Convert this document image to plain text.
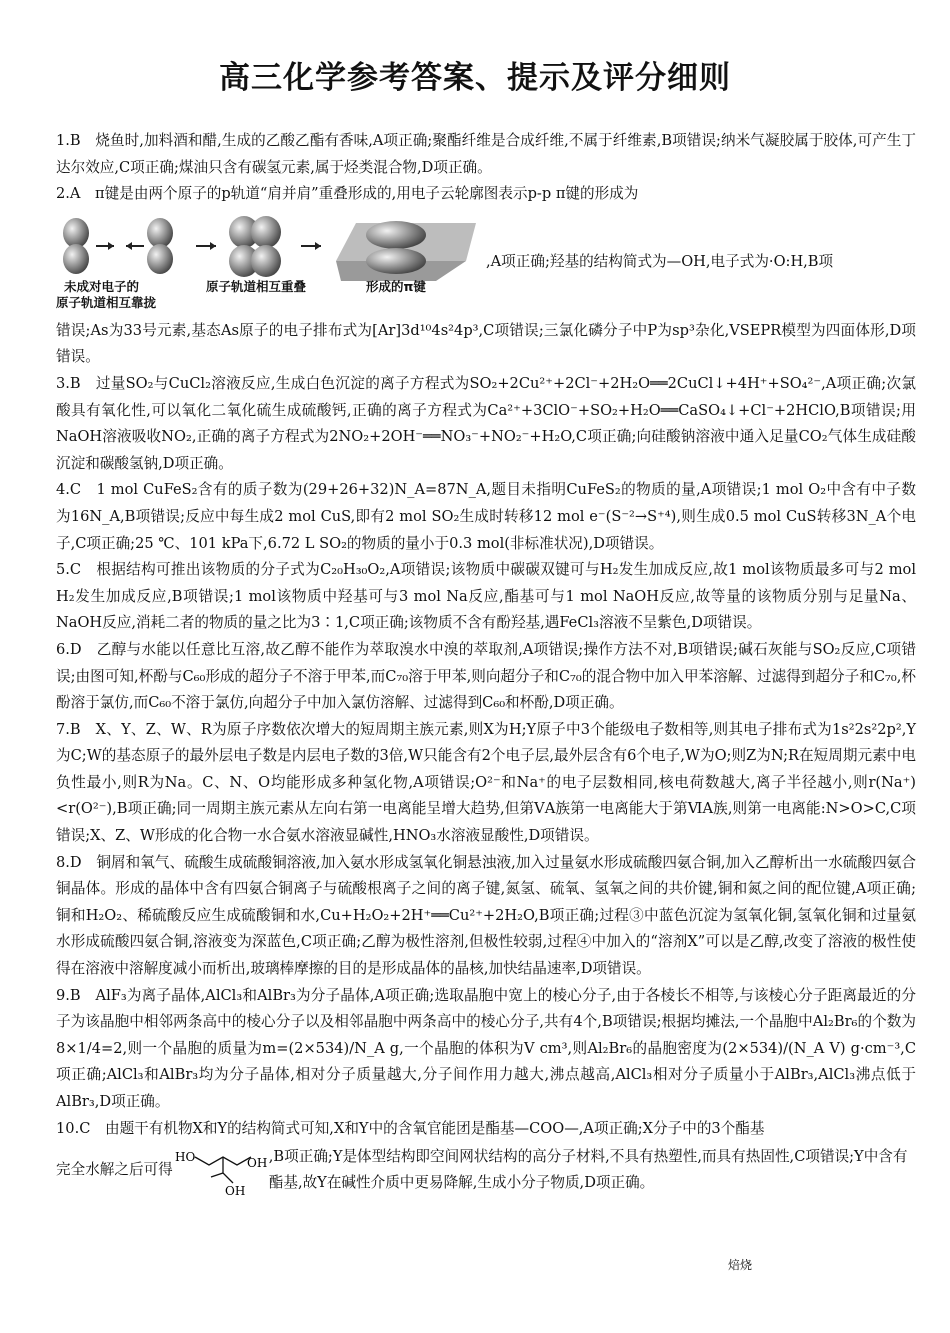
高三化学参考答案、提示及评分细则

1.B　烧鱼时,加料酒和醋,生成的乙酸乙酯有香味,A项正确;聚酯纤维是合成纤维,不属于纤维素,B项错误;纳米气凝胶属于胶体,可产生丁达尔效应,C项正确;煤油只含有碳氢元素,属于烃类混合物,D项正确。

2.A　π键是由两个原子的p轨道“肩并肩”重叠形成的,用电子云轮廓图表示p-p π键的形成为

未成对电子的
原子轨道相互靠拢
原子轨道相互重叠	形成的π键
,A项正确;羟基的结构简式为—OH,电子式为·O:H,B项

错误;As为33号元素,基态As原子的电子排布式为[Ar]3d¹⁰4s²4p³,C项错误;三氯化磷分子中P为sp³杂化,VSEPR模型为四面体形,D项错误。

3.B　过量SO₂与CuCl₂溶液反应,生成白色沉淀的离子方程式为SO₂+2Cu²⁺+2Cl⁻+2H₂O══2CuCl↓+4H⁺+SO₄²⁻,A项正确;次氯酸具有氧化性,可以氧化二氧化硫生成硫酸钙,正确的离子方程式为Ca²⁺+3ClO⁻+SO₂+H₂O══CaSO₄↓+Cl⁻+2HClO,B项错误;用NaOH溶液吸收NO₂,正确的离子方程式为2NO₂+2OH⁻══NO₃⁻+NO₂⁻+H₂O,C项正确;向硅酸钠溶液中通入足量CO₂气体生成硅酸沉淀和碳酸氢钠,D项正确。

4.C　1 mol CuFeS₂含有的质子数为(29+26+32)N_A=87N_A,题目未指明CuFeS₂的物质的量,A项错误;1 mol O₂中含有中子数为16N_A,B项错误;反应中每生成2 mol CuS,即有2 mol SO₂生成时转移12 mol e⁻(S⁻²→S⁺⁴),则生成0.5 mol CuS转移3N_A个电子,C项正确;25 ℃、101 kPa下,6.72 L SO₂的物质的量小于0.3 mol(非标准状况),D项错误。

5.C　根据结构可推出该物质的分子式为C₂₀H₃₀O₂,A项错误;该物质中碳碳双键可与H₂发生加成反应,故1 mol该物质最多可与2 mol H₂发生加成反应,B项错误;1 mol该物质中羟基可与3 mol Na反应,酯基可与1 mol NaOH反应,故等量的该物质分别与足量Na、NaOH反应,消耗二者的物质的量之比为3∶1,C项正确;该物质不含有酚羟基,遇FeCl₃溶液不呈紫色,D项错误。

6.D　乙醇与水能以任意比互溶,故乙醇不能作为萃取溴水中溴的萃取剂,A项错误;操作方法不对,B项错误;碱石灰能与SO₂反应,C项错误;由图可知,杯酚与C₆₀形成的超分子不溶于甲苯,而C₇₀溶于甲苯,则向超分子和C₇₀的混合物中加入甲苯溶解、过滤得到超分子和C₇₀,杯酚溶于氯仿,而C₆₀不溶于氯仿,向超分子中加入氯仿溶解、过滤得到C₆₀和杯酚,D项正确。

7.B　X、Y、Z、W、R为原子序数依次增大的短周期主族元素,则X为H;Y原子中3个能级电子数相等,则其电子排布式为1s²2s²2p²,Y为C;W的基态原子的最外层电子数是内层电子数的3倍,W只能含有2个电子层,最外层含有6个电子,W为O;则Z为N;R在短周期元素中电负性最小,则R为Na。C、N、O均能形成多种氢化物,A项错误;O²⁻和Na⁺的电子层数相同,核电荷数越大,离子半径越小,则r(Na⁺)<r(O²⁻),B项正确;同一周期主族元素从左向右第一电离能呈增大趋势,但第ⅤA族第一电离能大于第ⅥA族,则第一电离能:N>O>C,C项错误;X、Z、W形成的化合物一水合氨水溶液显碱性,HNO₃水溶液显酸性,D项错误。

8.D　铜屑和氧气、硫酸生成硫酸铜溶液,加入氨水形成氢氧化铜悬浊液,加入过量氨水形成硫酸四氨合铜,加入乙醇析出一水硫酸四氨合铜晶体。形成的晶体中含有四氨合铜离子与硫酸根离子之间的离子键,氮氢、硫氧、氢氧之间的共价键,铜和氮之间的配位键,A项正确;铜和H₂O₂、稀硫酸反应生成硫酸铜和水,Cu+H₂O₂+2H⁺══Cu²⁺+2H₂O,B项正确;过程③中蓝色沉淀为氢氧化铜,氢氧化铜和过量氨水形成硫酸四氨合铜,溶液变为深蓝色,C项正确;乙醇为极性溶剂,但极性较弱,过程④中加入的“溶剂X”可以是乙醇,改变了溶液的极性使得在溶液中溶解度减小而析出,玻璃棒摩擦的目的是形成晶体的晶核,加快结晶速率,D项错误。

9.B　AlF₃为离子晶体,AlCl₃和AlBr₃为分子晶体,A项正确;选取晶胞中宽上的棱心分子,由于各棱长不相等,与该棱心分子距离最近的分子为该晶胞中相邻两条高中的棱心分子以及相邻晶胞中两条高中的棱心分子,共有4个,B项错误;根据均摊法,一个晶胞中Al₂Br₆的个数为8×1/4=2,则一个晶胞的质量为m=(2×534)/N_A g,一个晶胞的体积为V cm³,则Al₂Br₆的晶胞密度为(2×534)/(N_A V) g·cm⁻³,C项正确;AlCl₃和AlBr₃均为分子晶体,相对分子质量越大,分子间作用力越大,沸点越高,AlCl₃相对分子质量小于AlBr₃,AlCl₃沸点低于AlBr₃,D项正确。

10.C　由题干有机物X和Y的结构简式可知,X和Y中的含氧官能团是酯基—COO—,A项正确;X分子中的3个酯基

完全水解之后可得
HO	OH
OH
,B项正确;Y是体型结构即空间网状结构的高分子材料,不具有热塑性,而具有热固性,C项错误;Y中含有酯基,故Y在碱性介质中更易降解,生成小分子物质,D项正确。
焙烧
